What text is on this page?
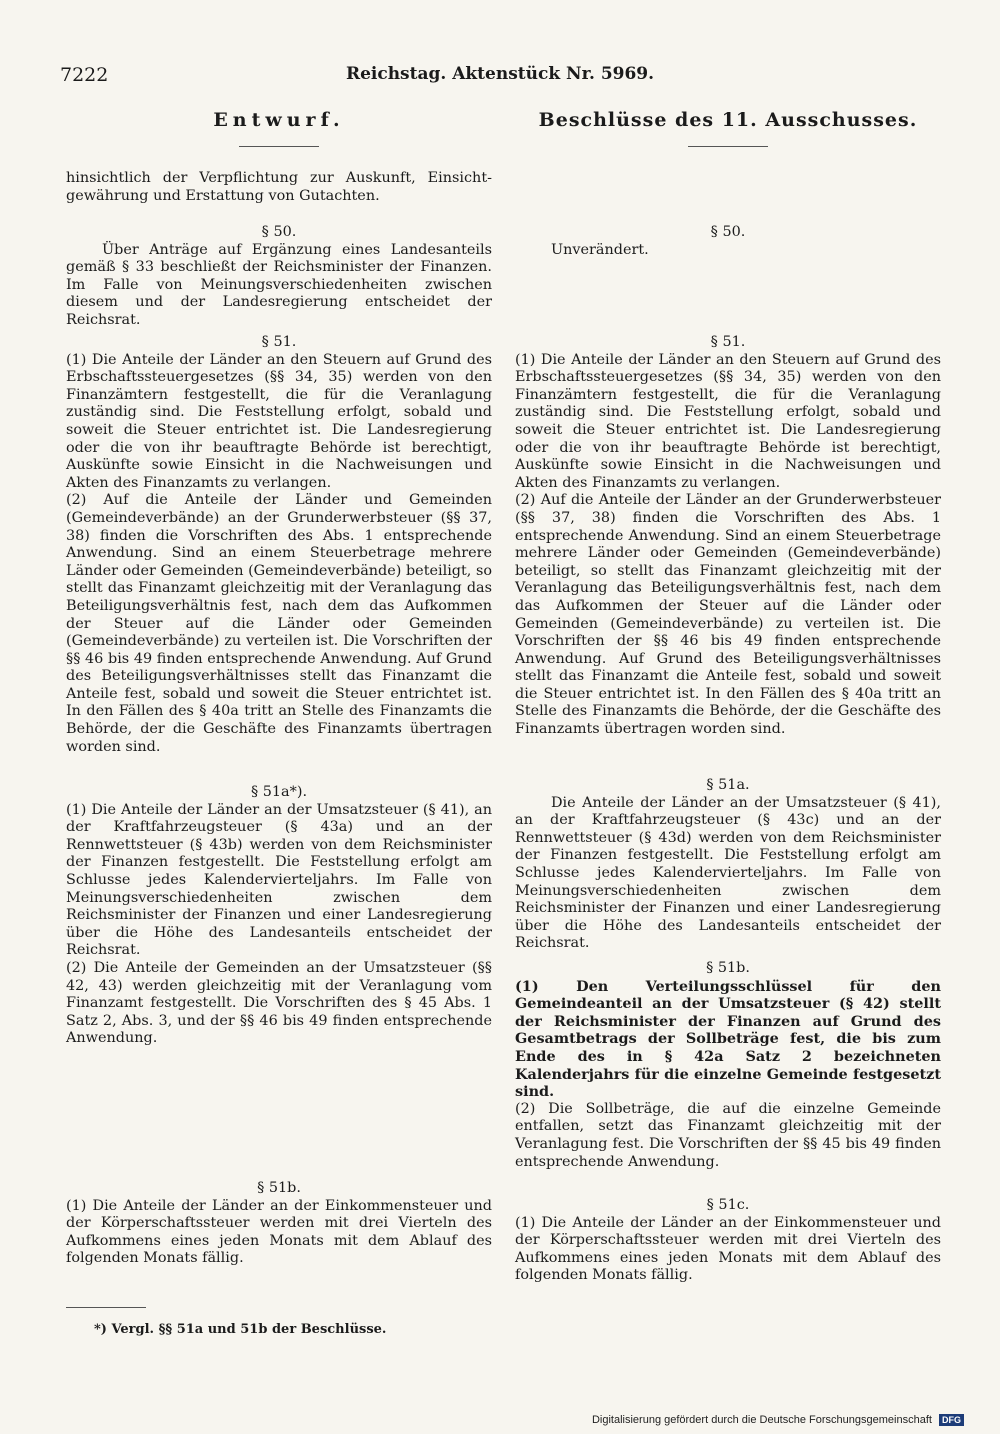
7222	Reichstag. Aktenstück Nr. 5969.
Entwurf.

hinsichtlich der Verpflichtung zur Auskunft, Einsichtgewährung und Erstattung von Gutachten.

§ 50.

Über Anträge auf Ergänzung eines Landesanteils gemäß § 33 beschließt der Reichsminister der Finanzen. Im Falle von Meinungsverschiedenheiten zwischen diesem und der Landesregierung entscheidet der Reichsrat.

§ 51.

(1) Die Anteile der Länder an den Steuern auf Grund des Erbschaftssteuergesetzes (§§ 34, 35) werden von den Finanzämtern festgestellt, die für die Veranlagung zuständig sind. Die Feststellung erfolgt, sobald und soweit die Steuer entrichtet ist. Die Landesregierung oder die von ihr beauftragte Behörde ist berechtigt, Auskünfte sowie Einsicht in die Nachweisungen und Akten des Finanzamts zu verlangen.

(2) Auf die Anteile der Länder und Gemeinden (Gemeindeverbände) an der Grunderwerbsteuer (§§ 37, 38) finden die Vorschriften des Abs. 1 entsprechende Anwendung. Sind an einem Steuerbetrage mehrere Länder oder Gemeinden (Gemeindeverbände) beteiligt, so stellt das Finanzamt gleichzeitig mit der Veranlagung das Beteiligungsverhältnis fest, nach dem das Aufkommen der Steuer auf die Länder oder Gemeinden (Gemeindeverbände) zu verteilen ist. Die Vorschriften der §§ 46 bis 49 finden entsprechende Anwendung. Auf Grund des Beteiligungsverhältnisses stellt das Finanzamt die Anteile fest, sobald und soweit die Steuer entrichtet ist. In den Fällen des § 40a tritt an Stelle des Finanzamts die Behörde, der die Geschäfte des Finanzamts übertragen worden sind.

§ 51a*).

(1) Die Anteile der Länder an der Umsatzsteuer (§ 41), an der Kraftfahrzeugsteuer (§ 43a) und an der Rennwettsteuer (§ 43b) werden von dem Reichsminister der Finanzen festgestellt. Die Feststellung erfolgt am Schlusse jedes Kalendervierteljahrs. Im Falle von Meinungsverschiedenheiten zwischen dem Reichsminister der Finanzen und einer Landesregierung über die Höhe des Landesanteils entscheidet der Reichsrat.

(2) Die Anteile der Gemeinden an der Umsatzsteuer (§§ 42, 43) werden gleichzeitig mit der Veranlagung vom Finanzamt festgestellt. Die Vorschriften des § 45 Abs. 1 Satz 2, Abs. 3, und der §§ 46 bis 49 finden entsprechende Anwendung.

§ 51b.

(1) Die Anteile der Länder an der Einkommensteuer und der Körperschaftssteuer werden mit drei Vierteln des Aufkommens eines jeden Monats mit dem Ablauf des folgenden Monats fällig.

Beschlüsse des 11. Ausschusses.

§ 50.

Unverändert.

§ 51.

(1) Die Anteile der Länder an den Steuern auf Grund des Erbschaftssteuergesetzes (§§ 34, 35) werden von den Finanzämtern festgestellt, die für die Veranlagung zuständig sind. Die Feststellung erfolgt, sobald und soweit die Steuer entrichtet ist. Die Landesregierung oder die von ihr beauftragte Behörde ist berechtigt, Auskünfte sowie Einsicht in die Nachweisungen und Akten des Finanzamts zu verlangen.

(2) Auf die Anteile der Länder an der Grunderwerbsteuer (§§ 37, 38) finden die Vorschriften des Abs. 1 entsprechende Anwendung. Sind an einem Steuerbetrage mehrere Länder oder Gemeinden (Gemeindeverbände) beteiligt, so stellt das Finanzamt gleichzeitig mit der Veranlagung das Beteiligungsverhältnis fest, nach dem das Aufkommen der Steuer auf die Länder oder Gemeinden (Gemeindeverbände) zu verteilen ist. Die Vorschriften der §§ 46 bis 49 finden entsprechende Anwendung. Auf Grund des Beteiligungsverhältnisses stellt das Finanzamt die Anteile fest, sobald und soweit die Steuer entrichtet ist. In den Fällen des § 40a tritt an Stelle des Finanzamts die Behörde, der die Geschäfte des Finanzamts übertragen worden sind.

§ 51a.

Die Anteile der Länder an der Umsatzsteuer (§ 41), an der Kraftfahrzeugsteuer (§ 43c) und an der Rennwettsteuer (§ 43d) werden von dem Reichsminister der Finanzen festgestellt. Die Feststellung erfolgt am Schlusse jedes Kalendervierteljahrs. Im Falle von Meinungsverschiedenheiten zwischen dem Reichsminister der Finanzen und einer Landesregierung über die Höhe des Landesanteils entscheidet der Reichsrat.

§ 51b.

(1) Den Verteilungsschlüssel für den Gemeindeanteil an der Umsatzsteuer (§ 42) stellt der Reichsminister der Finanzen auf Grund des Gesamtbetrags der Sollbeträge fest, die bis zum Ende des in § 42a Satz 2 bezeichneten Kalenderjahrs für die einzelne Gemeinde festgesetzt sind.

(2) Die Sollbeträge, die auf die einzelne Gemeinde entfallen, setzt das Finanzamt gleichzeitig mit der Veranlagung fest. Die Vorschriften der §§ 45 bis 49 finden entsprechende Anwendung.

§ 51c.

(1) Die Anteile der Länder an der Einkommensteuer und der Körperschaftssteuer werden mit drei Vierteln des Aufkommens eines jeden Monats mit dem Ablauf des folgenden Monats fällig.

*) Vergl. §§ 51a und 51b der Beschlüsse.
Digitalisierung gefördert durch die Deutsche Forschungsgemeinschaft DFG
